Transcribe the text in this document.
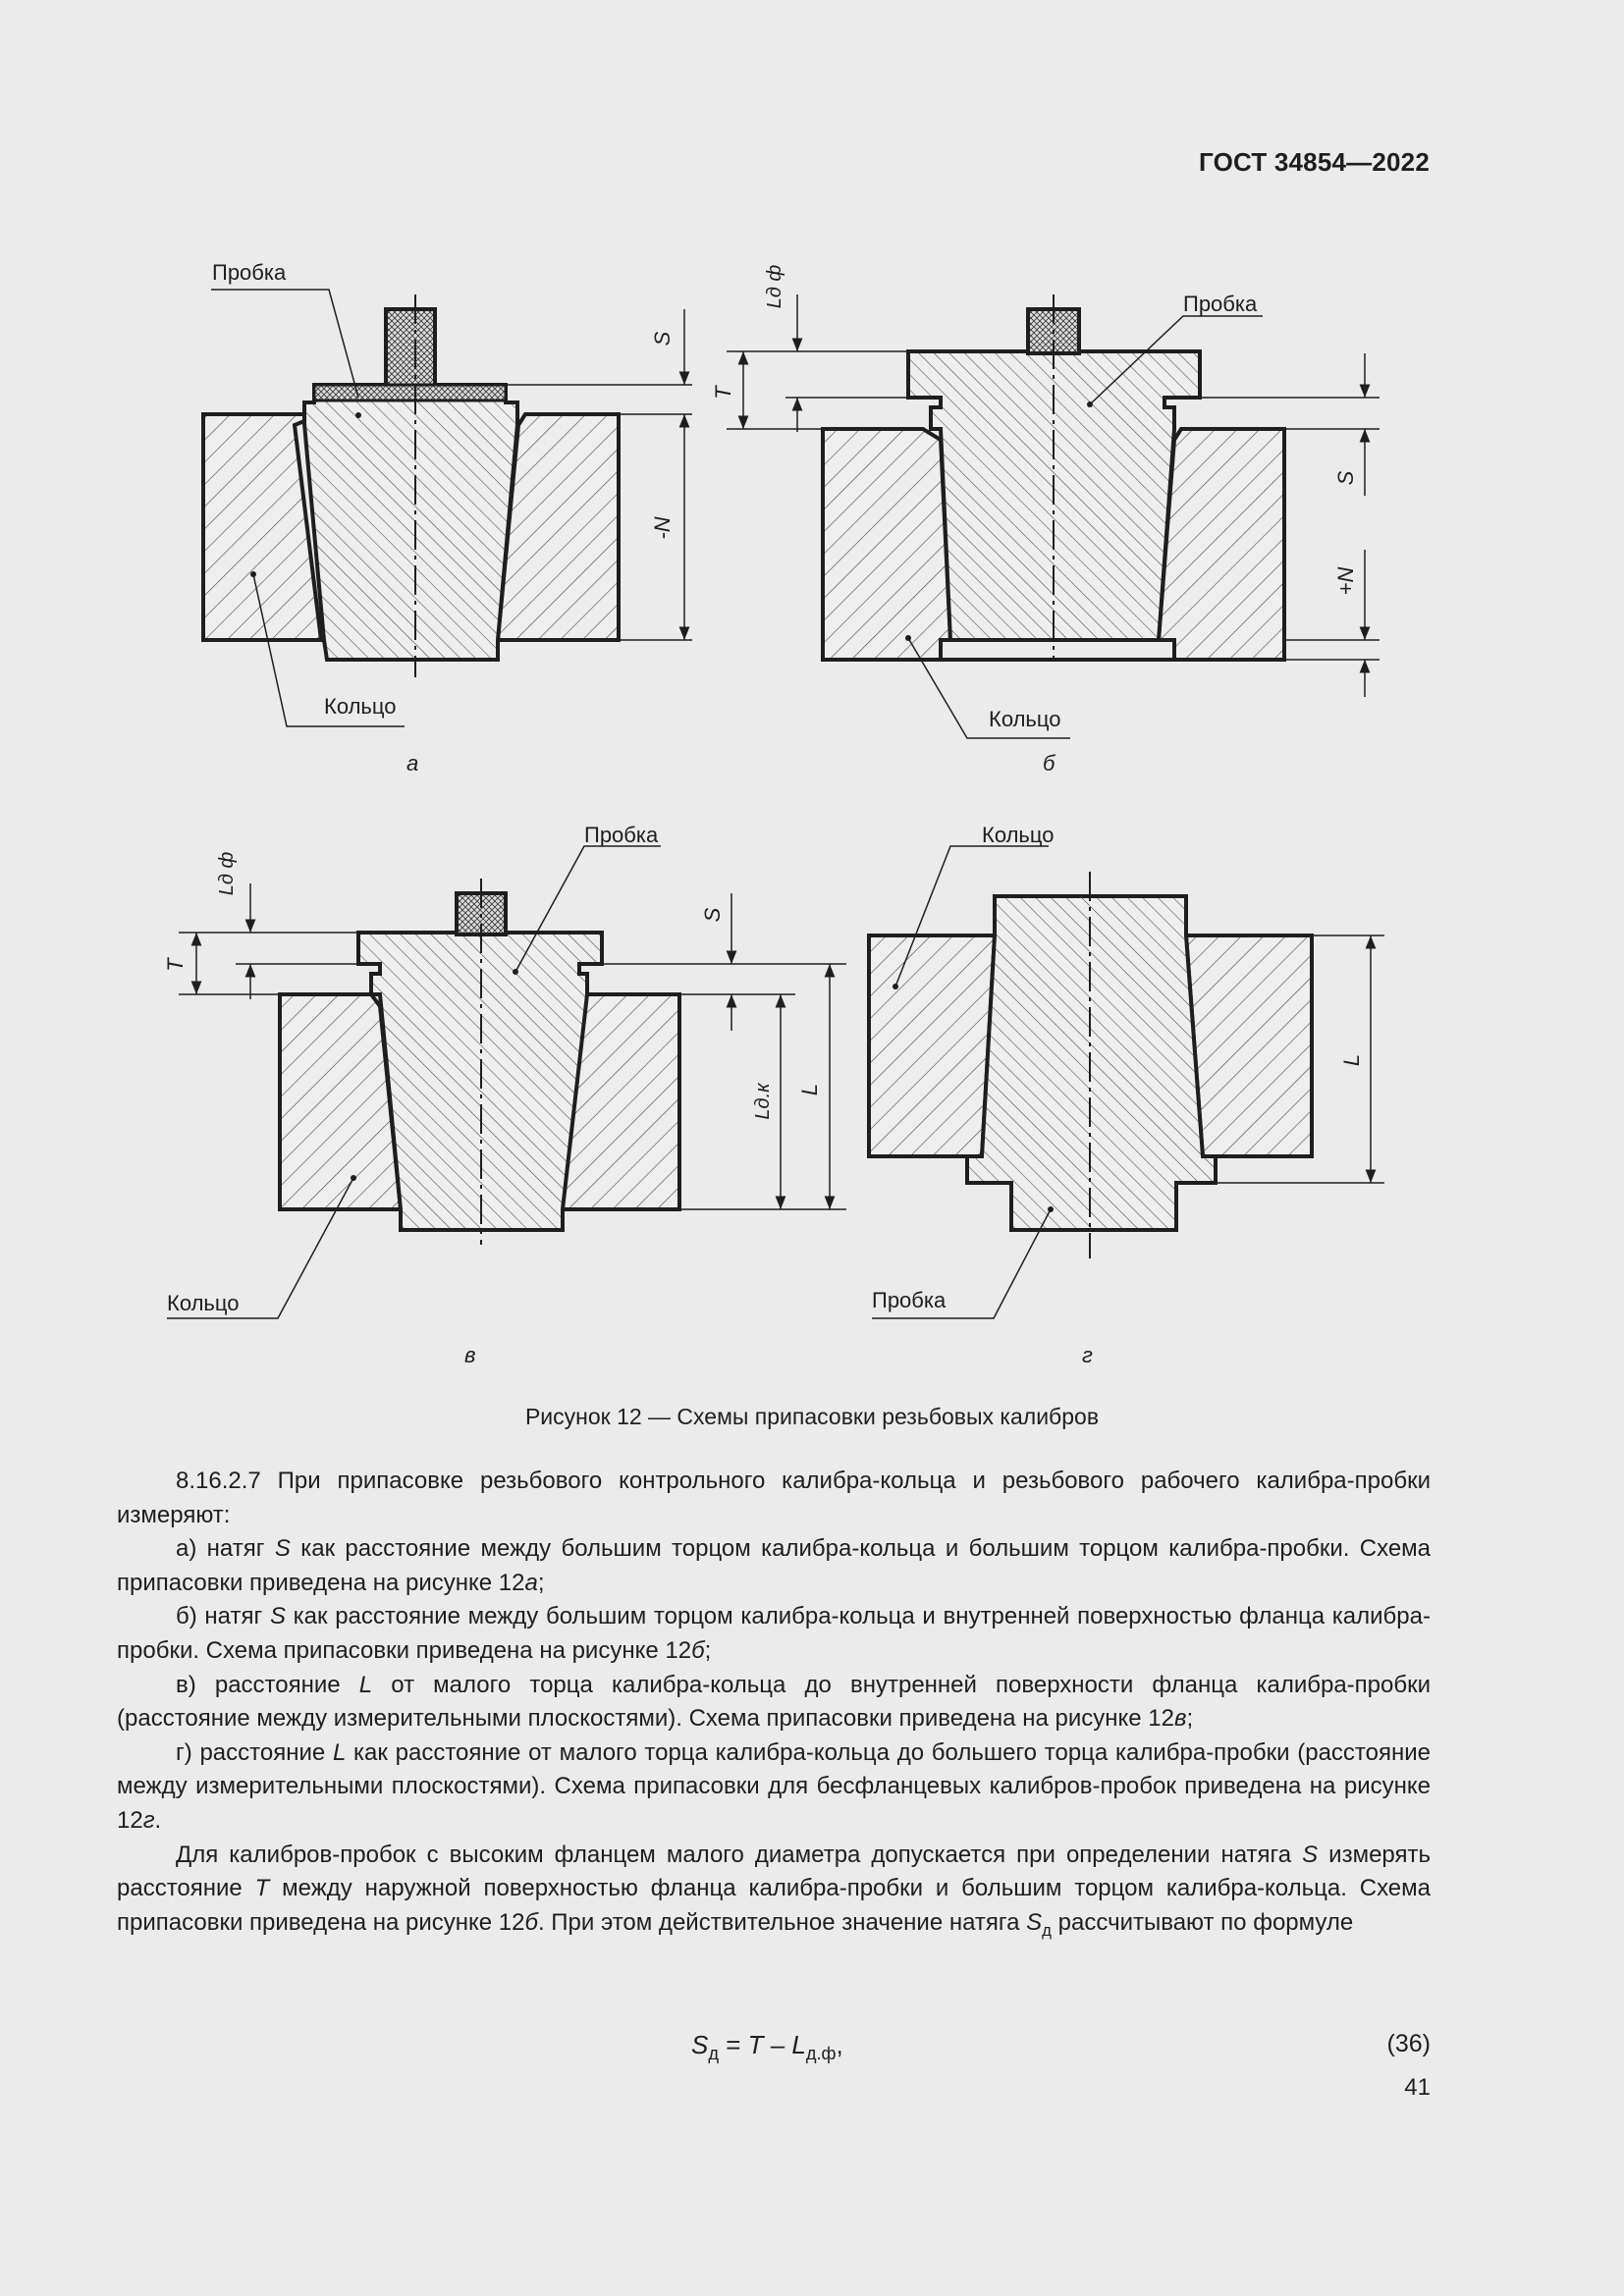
ГОСТ 34854—2022
S
-N
Пробка
Кольцо
а
Lд ф
T
S
+N
Пробка
Кольцо
б
Lд ф
T
S
Lд.к L
Пробка
Кольцо
в
L
Кольцо
Пробка
г
Рисунок 12 — Схемы припасовки резьбовых калибров

8.16.2.7 При припасовке резьбового контрольного калибра-кольца и резьбового рабочего калибра-пробки измеряют:

а) натяг S как расстояние между большим торцом калибра-кольца и большим торцом калибра-пробки. Схема припасовки приведена на рисунке 12а;

б) натяг S как расстояние между большим торцом калибра-кольца и внутренней поверхностью фланца калибра-пробки. Схема припасовки приведена на рисунке 12б;

в) расстояние L от малого торца калибра-кольца до внутренней поверхности фланца калибра-пробки (расстояние между измерительными плоскостями). Схема припасовки приведена на рисунке 12в;

г) расстояние L как расстояние от малого торца калибра-кольца до большего торца калибра-пробки (расстояние между измерительными плоскостями). Схема припасовки для бесфланцевых калибров-пробок приведена на рисунке 12г.

Для калибров-пробок с высоким фланцем малого диаметра допускается при определении натяга S измерять расстояние T между наружной поверхностью фланца калибра-пробки и большим торцом калибра-кольца. Схема припасовки приведена на рисунке 12б. При этом действительное значение натяга $S_д$ рассчитывают по формуле

$S_д = T - L_{д.ф}$,	(36)
41
